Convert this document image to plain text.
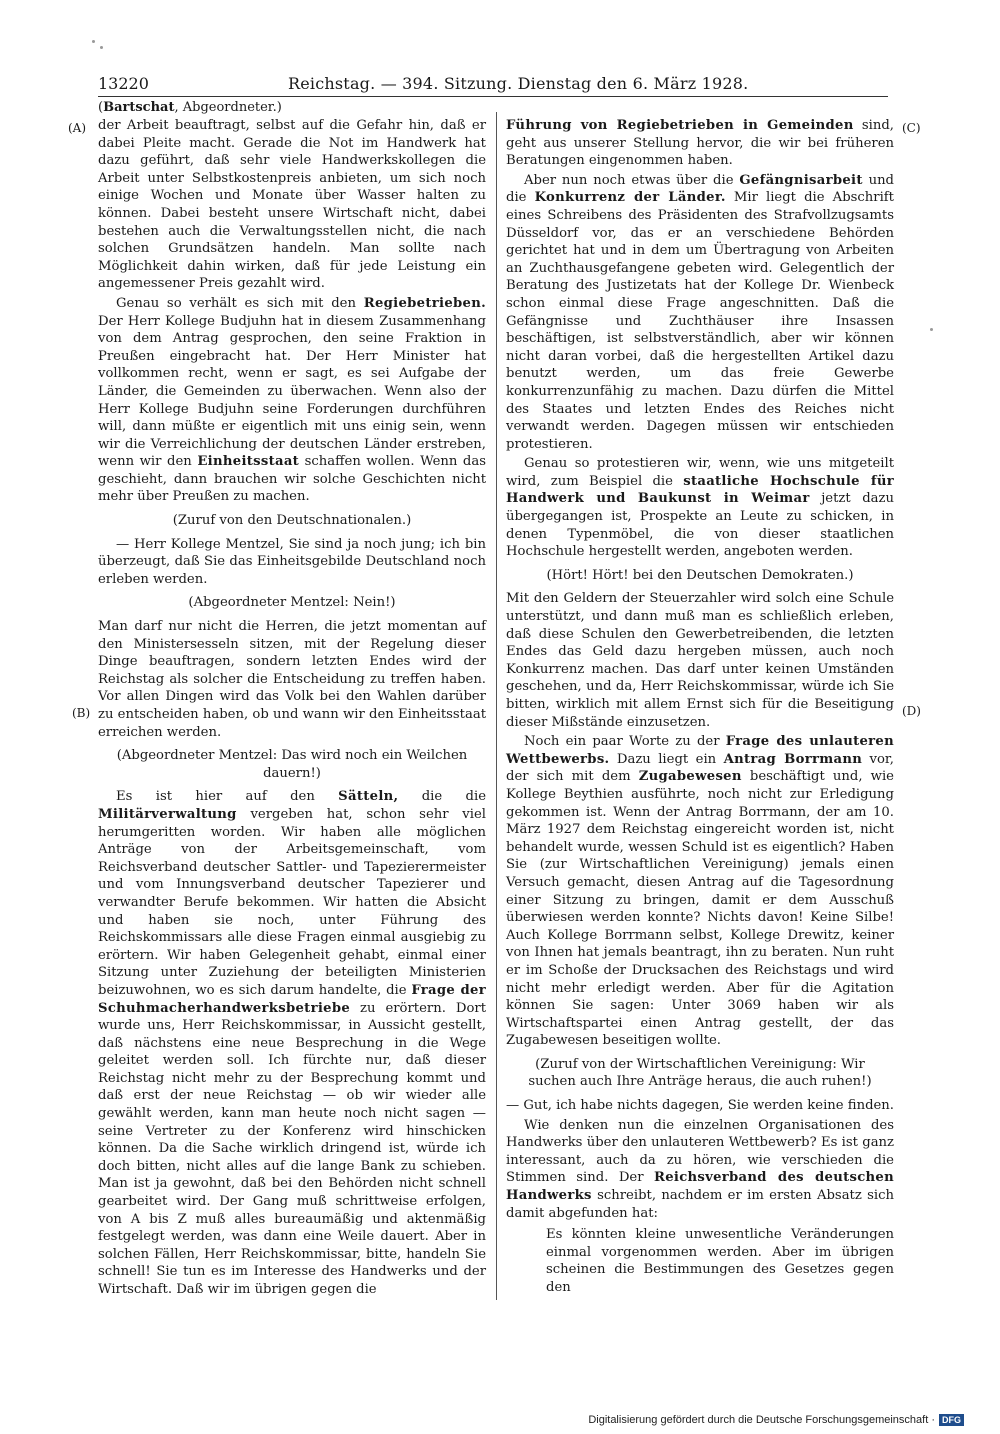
13220	Reichstag. — 394. Sitzung. Dienstag den 6. März 1928.
(Bartschat, Abgeordneter.)
(A)
(B)
(C)
(D)

der Arbeit beauftragt, selbst auf die Gefahr hin, daß er dabei Pleite macht. Gerade die Not im Handwerk hat dazu geführt, daß sehr viele Handwerkskollegen die Arbeit unter Selbstkostenpreis anbieten, um sich noch einige Wochen und Monate über Wasser halten zu können. Dabei besteht unsere Wirtschaft nicht, dabei bestehen auch die Verwaltungsstellen nicht, die nach solchen Grundsätzen handeln. Man sollte nach Möglichkeit dahin wirken, daß für jede Leistung ein angemessener Preis gezahlt wird.

Genau so verhält es sich mit den Regiebetrieben. Der Herr Kollege Budjuhn hat in diesem Zusammenhang von dem Antrag gesprochen, den seine Fraktion in Preußen eingebracht hat. Der Herr Minister hat vollkommen recht, wenn er sagt, es sei Aufgabe der Länder, die Gemeinden zu überwachen. Wenn also der Herr Kollege Budjuhn seine Forderungen durchführen will, dann müßte er eigentlich mit uns einig sein, wenn wir die Verreichlichung der deutschen Länder erstreben, wenn wir den Einheitsstaat schaffen wollen. Wenn das geschieht, dann brauchen wir solche Geschichten nicht mehr über Preußen zu machen.

(Zuruf von den Deutschnationalen.)

— Herr Kollege Mentzel, Sie sind ja noch jung; ich bin überzeugt, daß Sie das Einheitsgebilde Deutschland noch erleben werden.

(Abgeordneter Mentzel: Nein!)

Man darf nur nicht die Herren, die jetzt momentan auf den Ministersesseln sitzen, mit der Regelung dieser Dinge beauftragen, sondern letzten Endes wird der Reichstag als solcher die Entscheidung zu treffen haben. Vor allen Dingen wird das Volk bei den Wahlen darüber zu entscheiden haben, ob und wann wir den Einheitsstaat erreichen werden.

(Abgeordneter Mentzel: Das wird noch ein Weilchen dauern!)

Es ist hier auf den Sätteln, die die Militärverwaltung vergeben hat, schon sehr viel herumgeritten worden. Wir haben alle möglichen Anträge von der Arbeitsgemeinschaft, vom Reichsverband deutscher Sattler- und Tapezierermeister und vom Innungsverband deutscher Tapezierer und verwandter Berufe bekommen. Wir hatten die Absicht und haben sie noch, unter Führung des Reichskommissars alle diese Fragen einmal ausgiebig zu erörtern. Wir haben Gelegenheit gehabt, einmal einer Sitzung unter Zuziehung der beteiligten Ministerien beizuwohnen, wo es sich darum handelte, die Frage der Schuhmacherhandwerksbetriebe zu erörtern. Dort wurde uns, Herr Reichskommissar, in Aussicht gestellt, daß nächstens eine neue Besprechung in die Wege geleitet werden soll. Ich fürchte nur, daß dieser Reichstag nicht mehr zu der Besprechung kommt und daß erst der neue Reichstag — ob wir wieder alle gewählt werden, kann man heute noch nicht sagen — seine Vertreter zu der Konferenz wird hinschicken können. Da die Sache wirklich dringend ist, würde ich doch bitten, nicht alles auf die lange Bank zu schieben. Man ist ja gewohnt, daß bei den Behörden nicht schnell gearbeitet wird. Der Gang muß schrittweise erfolgen, von A bis Z muß alles bureaumäßig und aktenmäßig festgelegt werden, was dann eine Weile dauert. Aber in solchen Fällen, Herr Reichskommissar, bitte, handeln Sie schnell! Sie tun es im Interesse des Handwerks und der Wirtschaft. Daß wir im übrigen gegen die

Führung von Regiebetrieben in Gemeinden sind, geht aus unserer Stellung hervor, die wir bei früheren Beratungen eingenommen haben.

Aber nun noch etwas über die Gefängnisarbeit und die Konkurrenz der Länder. Mir liegt die Abschrift eines Schreibens des Präsidenten des Strafvollzugsamts Düsseldorf vor, das er an verschiedene Behörden gerichtet hat und in dem um Übertragung von Arbeiten an Zuchthausgefangene gebeten wird. Gelegentlich der Beratung des Justizetats hat der Kollege Dr. Wienbeck schon einmal diese Frage angeschnitten. Daß die Gefängnisse und Zuchthäuser ihre Insassen beschäftigen, ist selbstverständlich, aber wir können nicht daran vorbei, daß die hergestellten Artikel dazu benutzt werden, um das freie Gewerbe konkurrenzunfähig zu machen. Dazu dürfen die Mittel des Staates und letzten Endes des Reiches nicht verwandt werden. Dagegen müssen wir entschieden protestieren.

Genau so protestieren wir, wenn, wie uns mitgeteilt wird, zum Beispiel die staatliche Hochschule für Handwerk und Baukunst in Weimar jetzt dazu übergegangen ist, Prospekte an Leute zu schicken, in denen Typenmöbel, die von dieser staatlichen Hochschule hergestellt werden, angeboten werden.

(Hört! Hört! bei den Deutschen Demokraten.)

Mit den Geldern der Steuerzahler wird solch eine Schule unterstützt, und dann muß man es schließlich erleben, daß diese Schulen den Gewerbetreibenden, die letzten Endes das Geld dazu hergeben müssen, auch noch Konkurrenz machen. Das darf unter keinen Umständen geschehen, und da, Herr Reichskommissar, würde ich Sie bitten, wirklich mit allem Ernst sich für die Beseitigung dieser Mißstände einzusetzen.

Noch ein paar Worte zu der Frage des unlauteren Wettbewerbs. Dazu liegt ein Antrag Borrmann vor, der sich mit dem Zugabewesen beschäftigt und, wie Kollege Beythien ausführte, noch nicht zur Erledigung gekommen ist. Wenn der Antrag Borrmann, der am 10. März 1927 dem Reichstag eingereicht worden ist, nicht behandelt wurde, wessen Schuld ist es eigentlich? Haben Sie (zur Wirtschaftlichen Vereinigung) jemals einen Versuch gemacht, diesen Antrag auf die Tagesordnung einer Sitzung zu bringen, damit er dem Ausschuß überwiesen werden konnte? Nichts davon! Keine Silbe! Auch Kollege Borrmann selbst, Kollege Drewitz, keiner von Ihnen hat jemals beantragt, ihn zu beraten. Nun ruht er im Schoße der Drucksachen des Reichstags und wird nicht mehr erledigt werden. Aber für die Agitation können Sie sagen: Unter 3069 haben wir als Wirtschaftspartei einen Antrag gestellt, der das Zugabewesen beseitigen wollte.

(Zuruf von der Wirtschaftlichen Vereinigung: Wir suchen auch Ihre Anträge heraus, die auch ruhen!)

— Gut, ich habe nichts dagegen, Sie werden keine finden.

Wie denken nun die einzelnen Organisationen des Handwerks über den unlauteren Wettbewerb? Es ist ganz interessant, auch da zu hören, wie verschieden die Stimmen sind. Der Reichsverband des deutschen Handwerks schreibt, nachdem er im ersten Absatz sich damit abgefunden hat:

Es könnten kleine unwesentliche Veränderungen einmal vorgenommen werden. Aber im übrigen scheinen die Bestimmungen des Gesetzes gegen den

Digitalisierung gefördert durch die Deutsche Forschungsgemeinschaft · DFG
